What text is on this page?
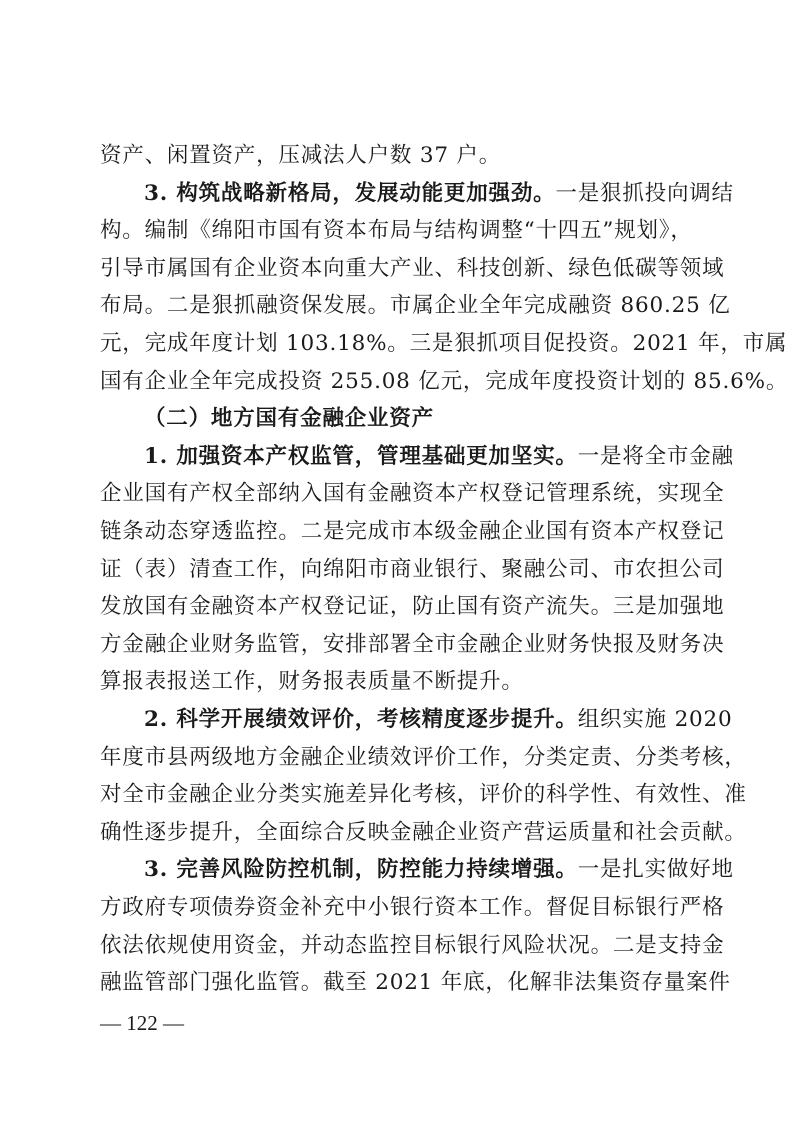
资产、闲置资产，压减法人户数 37 户。
3. 构筑战略新格局，发展动能更加强劲。一是狠抓投向调结
构。编制《绵阳市国有资本布局与结构调整“十四五”规划》，
引导市属国有企业资本向重大产业、科技创新、绿色低碳等领域
布局。二是狠抓融资保发展。市属企业全年完成融资 860.25 亿
元，完成年度计划 103.18%。三是狠抓项目促投资。2021 年，市属
国有企业全年完成投资 255.08 亿元，完成年度投资计划的 85.6%。
（二）地方国有金融企业资产
1. 加强资本产权监管，管理基础更加坚实。一是将全市金融
企业国有产权全部纳入国有金融资本产权登记管理系统，实现全
链条动态穿透监控。二是完成市本级金融企业国有资本产权登记
证（表）清查工作，向绵阳市商业银行、聚融公司、市农担公司
发放国有金融资本产权登记证，防止国有资产流失。三是加强地
方金融企业财务监管，安排部署全市金融企业财务快报及财务决
算报表报送工作，财务报表质量不断提升。
2. 科学开展绩效评价，考核精度逐步提升。组织实施 2020
年度市县两级地方金融企业绩效评价工作，分类定责、分类考核，
对全市金融企业分类实施差异化考核，评价的科学性、有效性、准
确性逐步提升，全面综合反映金融企业资产营运质量和社会贡献。
3. 完善风险防控机制，防控能力持续增强。一是扎实做好地
方政府专项债券资金补充中小银行资本工作。督促目标银行严格
依法依规使用资金，并动态监控目标银行风险状况。二是支持金
融监管部门强化监管。截至 2021 年底，化解非法集资存量案件
— 122 —
